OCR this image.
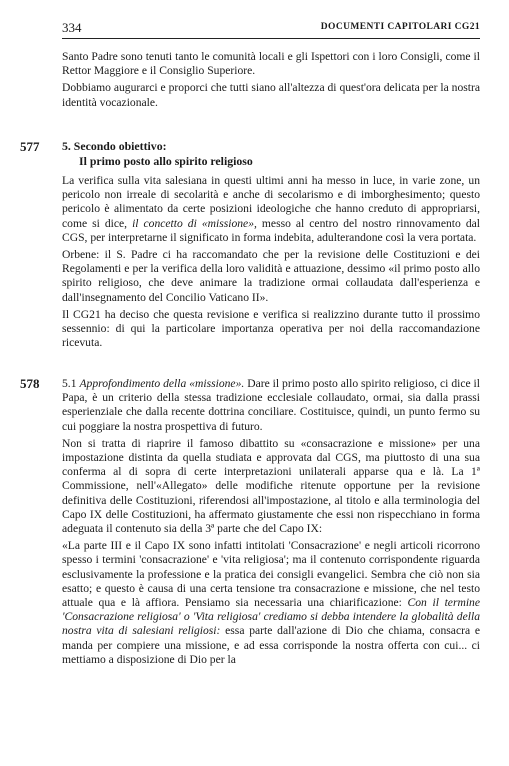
334	DOCUMENTI CAPITOLARI CG21

Santo Padre sono tenuti tanto le comunità locali e gli Ispettori con i loro Consigli, come il Rettor Maggiore e il Consiglio Superiore.

Dobbiamo augurarci e proporci che tutti siano all'altezza di quest'ora delicata per la nostra identità vocazionale.

577 5. Secondo obiettivo:
Il primo posto allo spirito religioso

La verifica sulla vita salesiana in questi ultimi anni ha messo in luce, in varie zone, un pericolo non irreale di secolarità e anche di secolarismo e di imborghesimento; questo pericolo è alimentato da certe posizioni ideologiche che hanno creduto di appropriarsi, come si dice, il concetto di «missione», messo al centro del nostro rinnovamento dal CGS, per interpretarne il significato in forma indebita, adulterandone così la vera portata.

Orbene: il S. Padre ci ha raccomandato che per la revisione delle Costituzioni e dei Regolamenti e per la verifica della loro validità e attuazione, dessimo «il primo posto allo spirito religioso, che deve animare la tradizione ormai collaudata dall'esperienza e dall'insegnamento del Concilio Vaticano II».

Il CG21 ha deciso che questa revisione e verifica si realizzino durante tutto il prossimo sessennio: di qui la particolare importanza operativa per noi della raccomandazione ricevuta.

578 5.1 Approfondimento della «missione». Dare il primo posto allo spirito religioso, ci dice il Papa, è un criterio della stessa tradizione ecclesiale collaudato, ormai, sia dalla prassi esperienziale che dalla recente dottrina conciliare. Costituisce, quindi, un punto fermo su cui poggiare la nostra prospettiva di futuro.

Non si tratta di riaprire il famoso dibattito su «consacrazione e missione» per una impostazione distinta da quella studiata e approvata dal CGS, ma piuttosto di una sua conferma al di sopra di certe interpretazioni unilaterali apparse qua e là. La 1ª Commissione, nell'«Allegato» delle modifiche ritenute opportune per la revisione definitiva delle Costituzioni, riferendosi all'impostazione, al titolo e alla terminologia del Capo IX delle Costituzioni, ha affermato giustamente che essi non rispecchiano in forma adeguata il contenuto sia della 3ª parte che del Capo IX:

«La parte III e il Capo IX sono infatti intitolati 'Consacrazione' e negli articoli ricorrono spesso i termini 'consacrazione' e 'vita religiosa'; ma il contenuto corrispondente riguarda esclusivamente la professione e la pratica dei consigli evangelici. Sembra che ciò non sia esatto; e questo è causa di una certa tensione tra consacrazione e missione, che nel testo attuale qua e là affiora. Pensiamo sia necessaria una chiarificazione: Con il termine 'Consacrazione religiosa' o 'Vita religiosa' crediamo si debba intendere la globalità della nostra vita di salesiani religiosi: essa parte dall'azione di Dio che chiama, consacra e manda per compiere una missione, e ad essa corrisponde la nostra offerta con cui... ci mettiamo a disposizione di Dio per la
